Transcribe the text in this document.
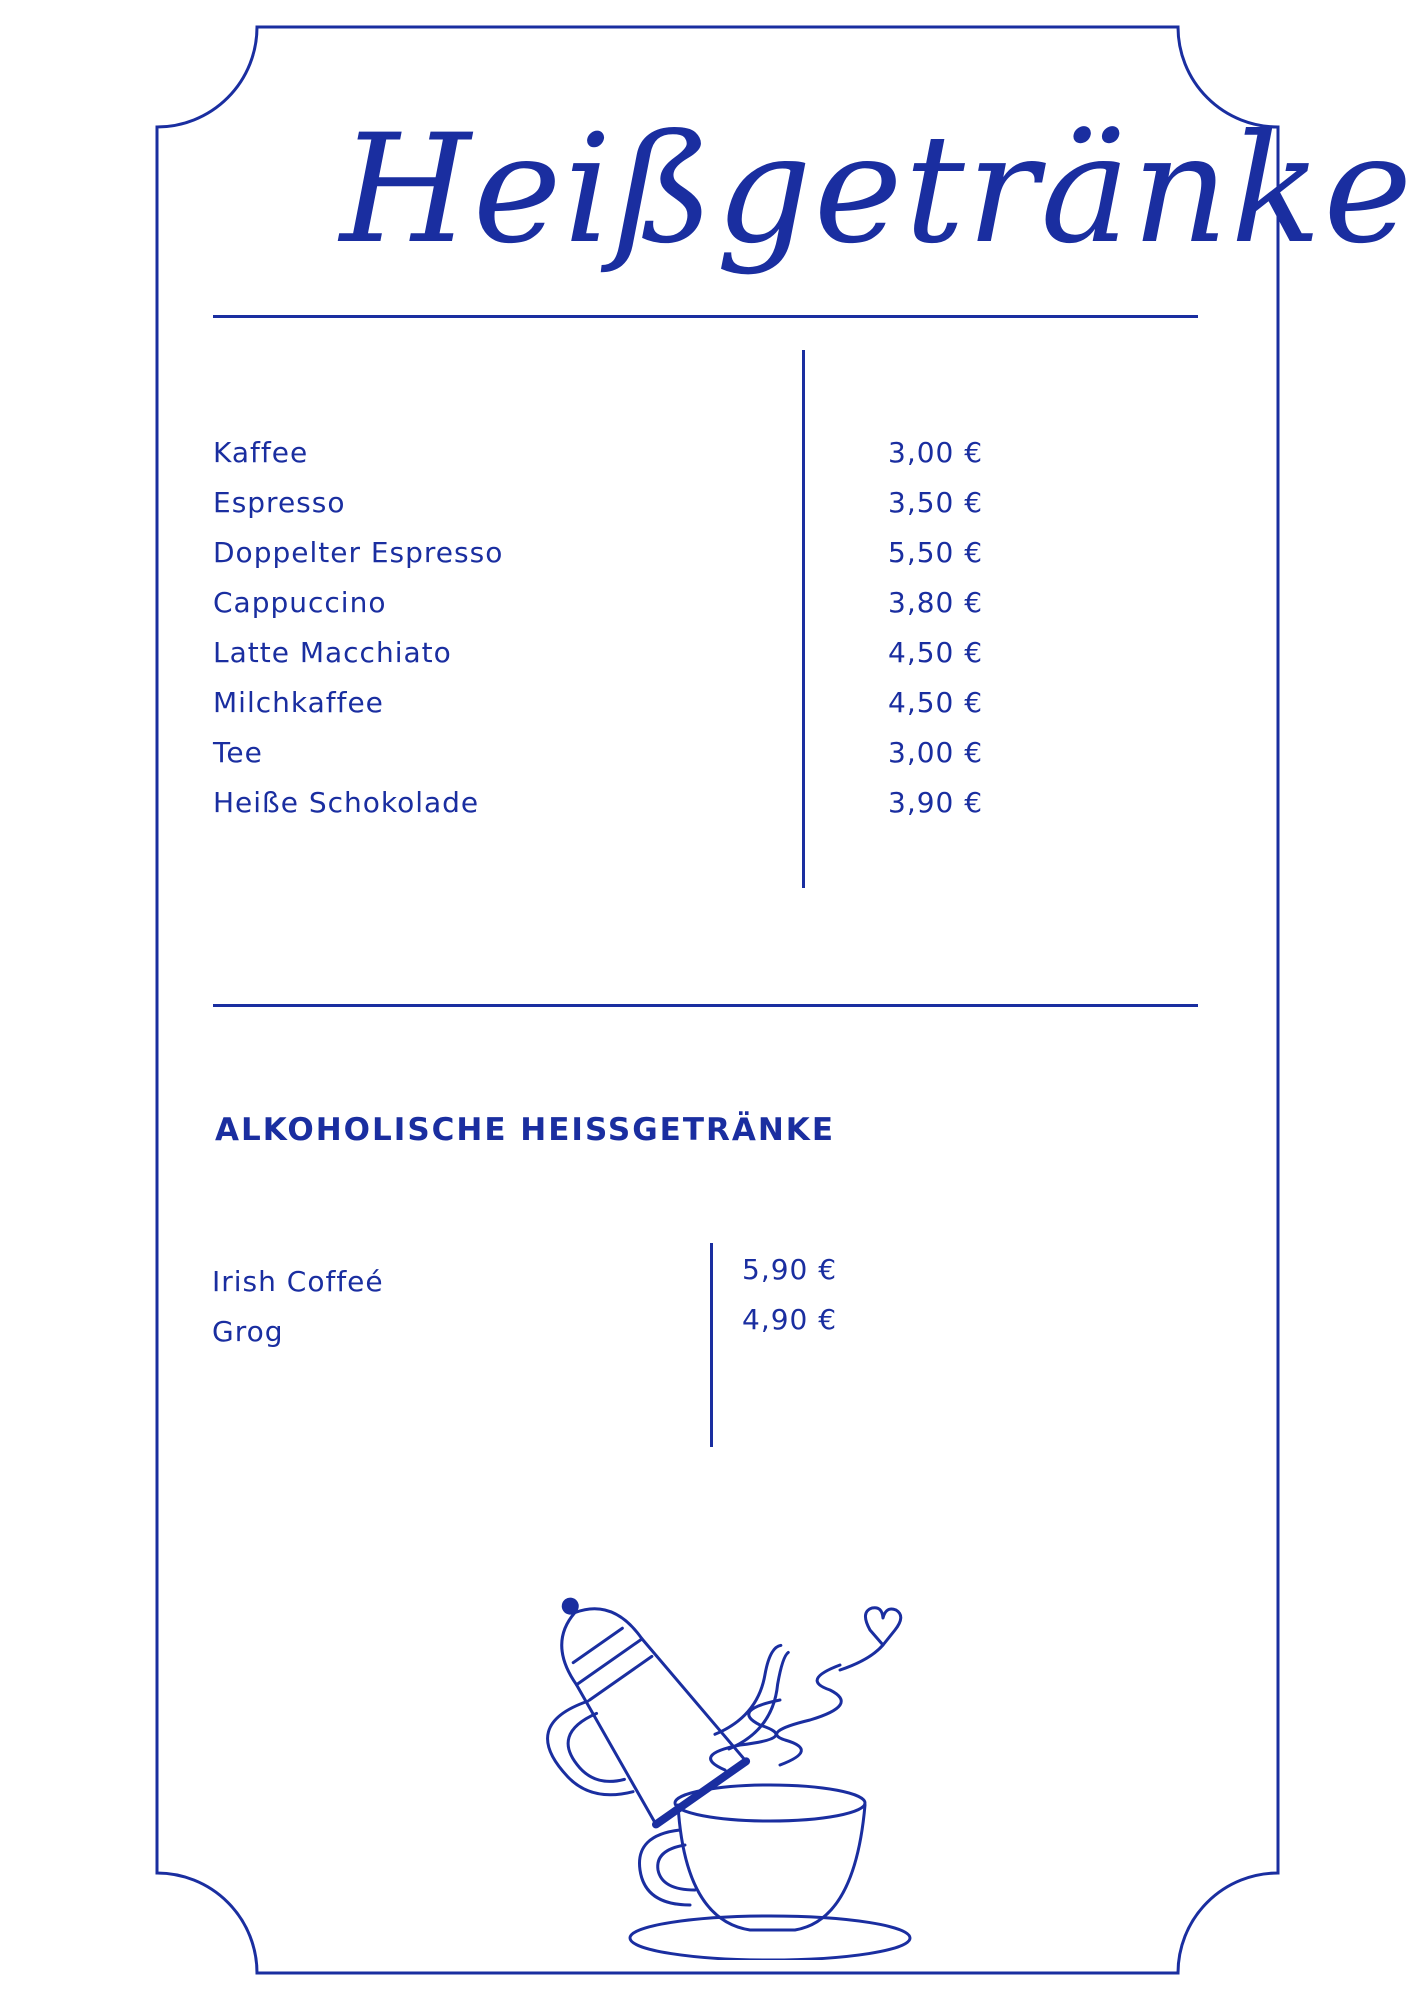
Heißgetränke
Kaffee	3,00 €
Espresso	3,50 €
Doppelter Espresso	5,50 €
Cappuccino	3,80 €
Latte Macchiato	4,50 €
Milchkaffee	4,50 €
Tee	3,00 €
Heiße Schokolade	3,90 €
ALKOHOLISCHE HEISSGETRÄNKE
Irish Coffeé	5,90 €
Grog	4,90 €
